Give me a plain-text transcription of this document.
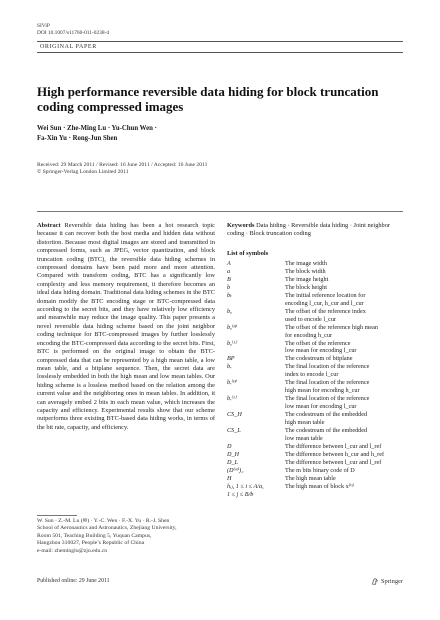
SIViP
DOI 10.1007/s11760-011-0238-4
ORIGINAL PAPER
High performance reversible data hiding for block truncation coding compressed images
Wei Sun · Zhe-Ming Lu · Yu-Chun Wen ·
Fa-Xin Yu · Rong-Jun Shen
Received: 29 March 2011 / Revised: 16 June 2011 / Accepted: 16 June 2011
© Springer-Verlag London Limited 2011
Abstract Reversible data hiding has been a hot research topic because it can recover both the host media and hidden data without distortion. Because most digital images are stored and transmitted in compressed forms, such as JPEG, vector quantization, and block truncation coding (BTC), the reversible data hiding schemes in compressed domains have been paid more and more attention. Compared with transform coding, BTC has a significantly low complexity and less memory requirement, it therefore becomes an ideal data hiding domain. Traditional data hiding schemes in the BTC domain modify the BTC encoding stage or BTC-compressed data according to the secret bits, and they have relatively low efficiency and meanwhile may reduce the image quality. This paper presents a novel reversible data hiding scheme based on the joint neighbor coding technique for BTC-compressed images by further losslessly encoding the BTC-compressed data according to the secret bits. First, BTC is performed on the original image to obtain the BTC-compressed data that can be represented by a high mean table, a low mean table, and a bitplane sequence. Then, the secret data are losslessly embedded in both the high mean and low mean tables. Our hiding scheme is a lossless method based on the relation among the current value and the neighboring ones in mean tables. In addition, it can averagely embed 2 bits in each mean value, which increases the capacity and efficiency. Experimental results show that our scheme outperforms three existing BTC-based data hiding works, in terms of the bit rate, capacity, and efficiency.
Keywords Data hiding · Reversible data hiding · Joint neighbor coding · Block truncation coding
List of symbols
A	The image width
a	The block width
B	The image height
b	The block height
bₜ	The initial reference location for
encoding l_cur, h_cur and l_cur
bᵤ	The offset of the reference index
used to encode l_cur
bᵤ⁽ᴴ⁾	The offset of the reference high mean
for encoding h_cur
bᵤ⁽ᴸ⁾	The offset of the reference
low mean for encoding l_cur
BP	The codestream of bitplane
bᵣ	The final location of the reference
index to encode l_cur
bᵣ⁽ᴴ⁾	The final location of the reference
high mean for encoding h_cur
bᵣ⁽ᴸ⁾	The final location of the reference
low mean for encoding l_cur
CS_H	The codestream of the embedded
high mean table
CS_L	The codestream of the embedded
low mean table
D	The difference between l_cur and l_ref
D_H	The difference between h_cur and h_ref
D_L	The difference between l_cur and l_ref
(D⁽ᵐ⁾)₂	The m bits binary code of D
H	The high mean table
hᵢⱼ, 1 ≤ i ≤ A/a,	The high mean of block x⁽ⁱʲ⁾
1 ≤ j ≤ B/b
W. Sun · Z.-M. Lu (✉) · Y.-C. Wen · F.-X. Yu · R.-J. Shen
School of Aeronautics and Astronautics, Zhejiang University,
Room 501, Teaching Building 5, Yuquan Campus,
Hangzhou 310027, People’s Republic of China
e-mail: zheminglu@zju.edu.cn
Published online: 29 June 2011	Springer
